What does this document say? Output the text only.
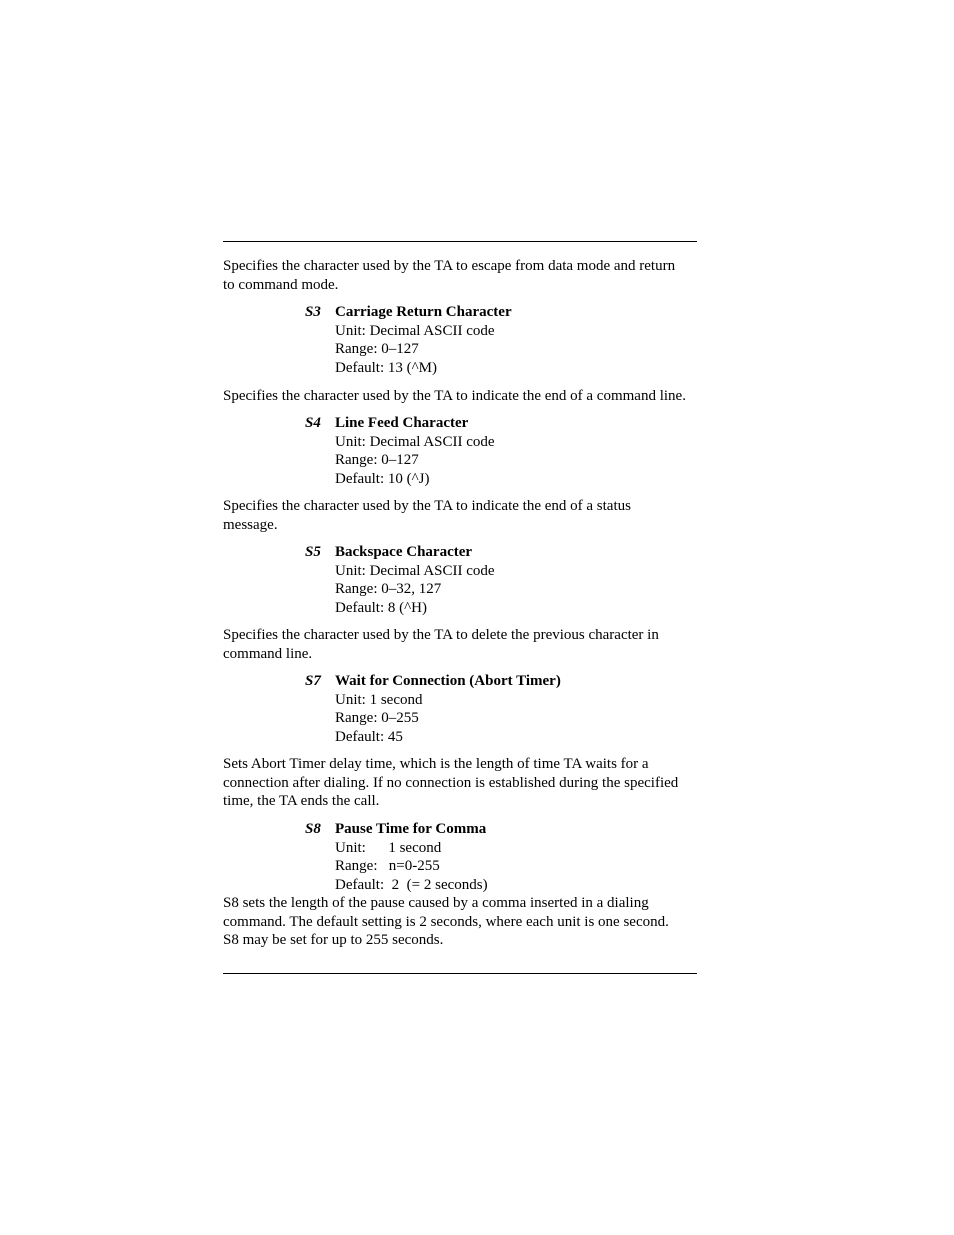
Specifies the character used by the TA to escape from data mode and return
to command mode.

S3 Carriage Return Character
Unit: Decimal ASCII code
Range: 0–127
Default: 13 (^M)

Specifies the character used by the TA to indicate the end of a command line.

S4 Line Feed Character
Unit: Decimal ASCII code
Range: 0–127
Default: 10 (^J)

Specifies the character used by the TA to indicate the end of a status
message.

S5 Backspace Character
Unit: Decimal ASCII code
Range: 0–32, 127
Default: 8 (^H)

Specifies the character used by the TA to delete the previous character in
command line.

S7 Wait for Connection (Abort Timer)
Unit: 1 second
Range: 0–255
Default: 45

Sets Abort Timer delay time, which is the length of time TA waits for a
connection after dialing. If no connection is established during the specified
time, the TA ends the call.

S8 Pause Time for Comma
Unit:      1 second
Range:   n=0-255
Default:  2  (= 2 seconds)

S8 sets the length of the pause caused by a comma inserted in a dialing
command. The default setting is 2 seconds, where each unit is one second.
S8 may be set for up to 255 seconds.
